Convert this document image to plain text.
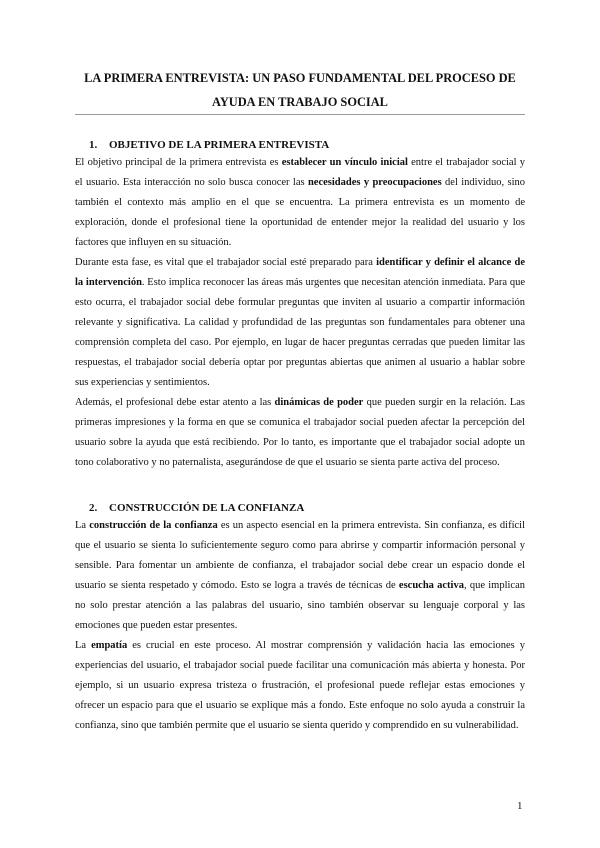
LA PRIMERA ENTREVISTA: UN PASO FUNDAMENTAL DEL PROCESO DE AYUDA EN TRABAJO SOCIAL
1. OBJETIVO DE LA PRIMERA ENTREVISTA

El objetivo principal de la primera entrevista es establecer un vínculo inicial entre el trabajador social y el usuario. Esta interacción no solo busca conocer las necesidades y preocupaciones del individuo, sino también el contexto más amplio en el que se encuentra. La primera entrevista es un momento de exploración, donde el profesional tiene la oportunidad de entender mejor la realidad del usuario y los factores que influyen en su situación.

Durante esta fase, es vital que el trabajador social esté preparado para identificar y definir el alcance de la intervención. Esto implica reconocer las áreas más urgentes que necesitan atención inmediata. Para que esto ocurra, el trabajador social debe formular preguntas que inviten al usuario a compartir información relevante y significativa. La calidad y profundidad de las preguntas son fundamentales para obtener una comprensión completa del caso. Por ejemplo, en lugar de hacer preguntas cerradas que pueden limitar las respuestas, el trabajador social debería optar por preguntas abiertas que animen al usuario a hablar sobre sus experiencias y sentimientos.

Además, el profesional debe estar atento a las dinámicas de poder que pueden surgir en la relación. Las primeras impresiones y la forma en que se comunica el trabajador social pueden afectar la percepción del usuario sobre la ayuda que está recibiendo. Por lo tanto, es importante que el trabajador social adopte un tono colaborativo y no paternalista, asegurándose de que el usuario se sienta parte activa del proceso.

2. CONSTRUCCIÓN DE LA CONFIANZA

La construcción de la confianza es un aspecto esencial en la primera entrevista. Sin confianza, es difícil que el usuario se sienta lo suficientemente seguro como para abrirse y compartir información personal y sensible. Para fomentar un ambiente de confianza, el trabajador social debe crear un espacio donde el usuario se sienta respetado y cómodo. Esto se logra a través de técnicas de escucha activa, que implican no solo prestar atención a las palabras del usuario, sino también observar su lenguaje corporal y las emociones que pueden estar presentes.

La empatía es crucial en este proceso. Al mostrar comprensión y validación hacia las emociones y experiencias del usuario, el trabajador social puede facilitar una comunicación más abierta y honesta. Por ejemplo, si un usuario expresa tristeza o frustración, el profesional puede reflejar estas emociones y ofrecer un espacio para que el usuario se explique más a fondo. Este enfoque no solo ayuda a construir la confianza, sino que también permite que el usuario se sienta querido y comprendido en su vulnerabilidad.

1
